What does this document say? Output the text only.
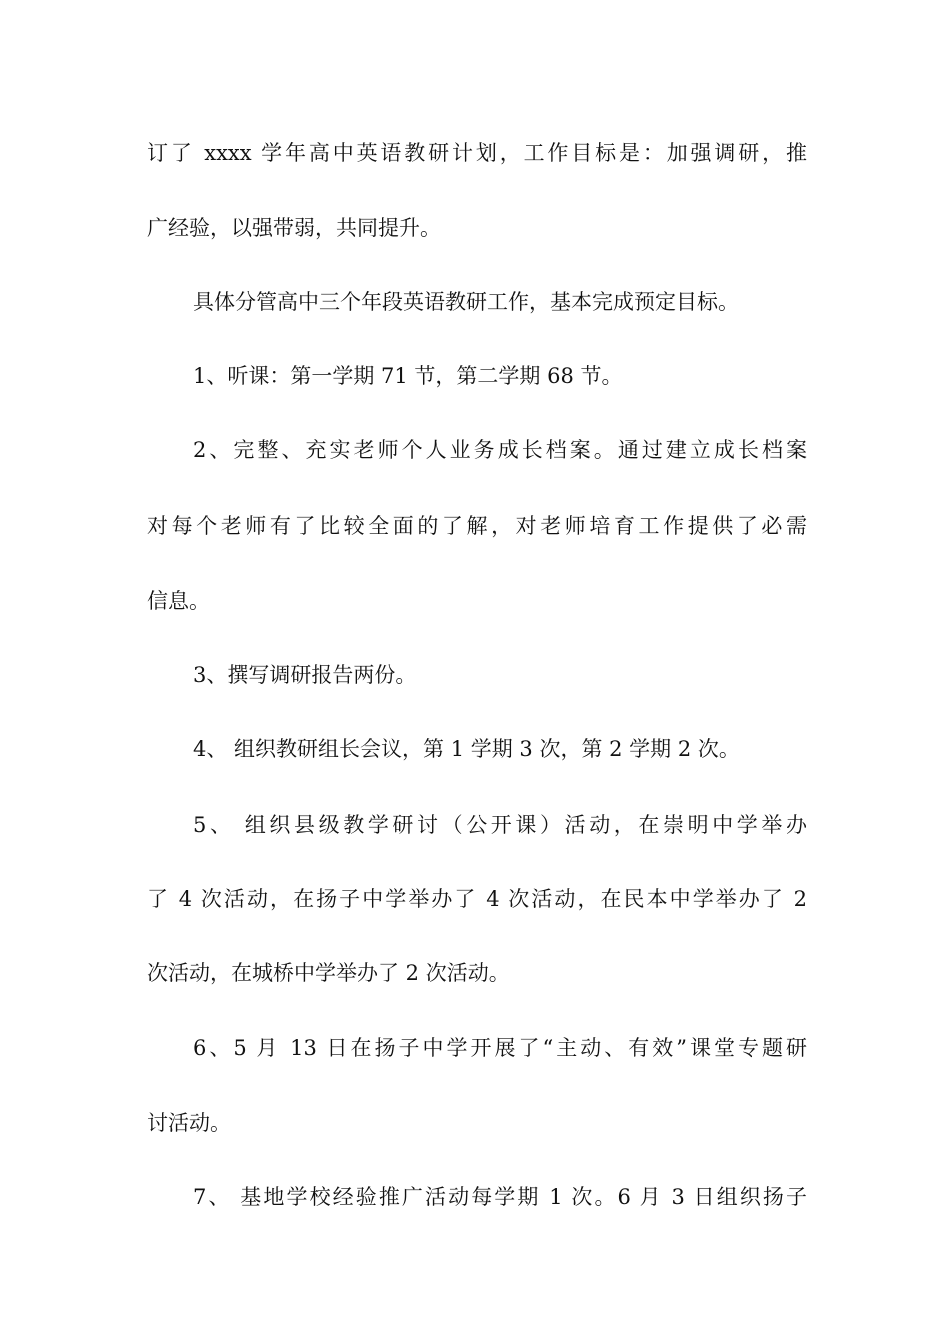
订了 xxxx 学年高中英语教研计划，工作目标是：加强调研，推
广经验，以强带弱，共同提升。
具体分管高中三个年段英语教研工作，基本完成预定目标。
1、听课：第一学期 71 节，第二学期 68 节。
2、完整、充实老师个人业务成长档案。通过建立成长档案
对每个老师有了比较全面的了解，对老师培育工作提供了必需
信息。
3、撰写调研报告两份。
4、 组织教研组长会议，第 1 学期 3 次，第 2 学期 2 次。
5、 组织县级教学研讨（公开课）活动，在崇明中学举办
了 4 次活动，在扬子中学举办了 4 次活动，在民本中学举办了 2
次活动，在城桥中学举办了 2 次活动。
6、5 月 13 日在扬子中学开展了“主动、有效”课堂专题研
讨活动。
7、 基地学校经验推广活动每学期 1 次。6 月 3 日组织扬子
